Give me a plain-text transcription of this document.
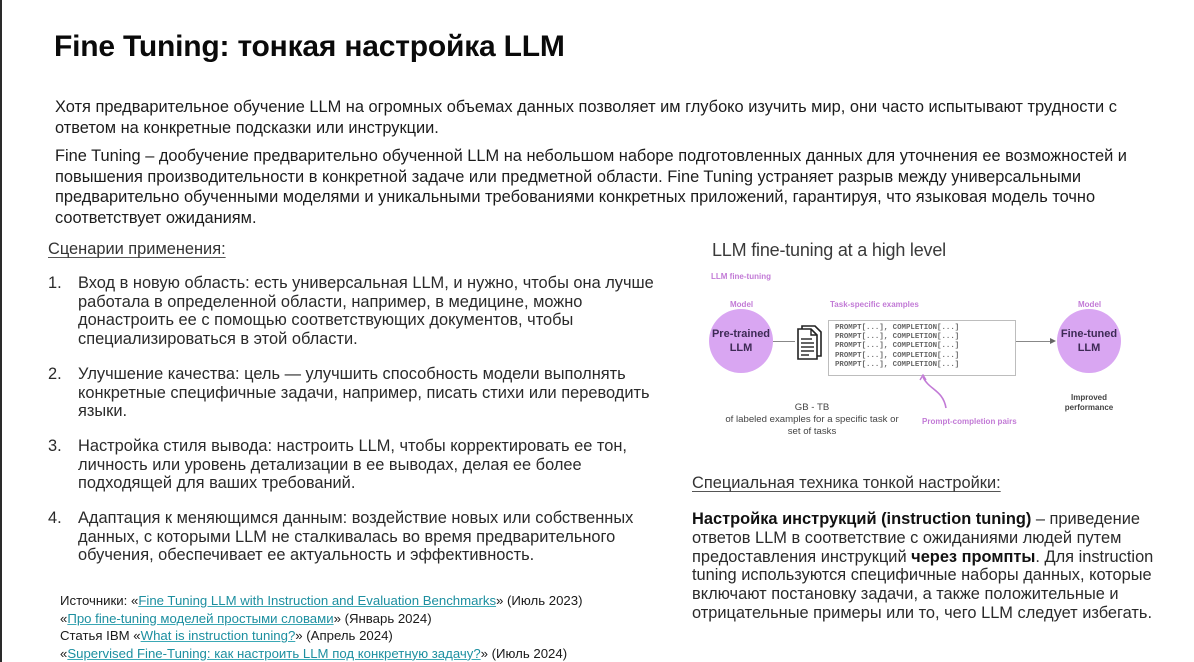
Fine Tuning: тонкая настройка LLM

Хотя предварительное обучение LLM на огромных объемах данных позволяет им глубоко изучить мир, они часто испытывают трудности с ответом на конкретные подсказки или инструкции.

Fine Tuning – дообучение предварительно обученной LLM на небольшом наборе подготовленных данных для уточнения ее возможностей и повышения производительности в конкретной задаче или предметной области. Fine Tuning устраняет разрыв между универсальными предварительно обученными моделями и уникальными требованиями конкретных приложений, гарантируя, что языковая модель точно соответствует ожиданиям.

Сценарии применения:
1. Вход в новую область: есть универсальная LLM, и нужно, чтобы она лучше работала в определенной области, например, в медицине, можно донастроить ее с помощью соответствующих документов, чтобы специализироваться в этой области.
2. Улучшение качества: цель — улучшить способность модели выполнять конкретные специфичные задачи, например, писать стихи или переводить языки.
3. Настройка стиля вывода: настроить LLM, чтобы корректировать ее тон, личность или уровень детализации в ее выводах, делая ее более подходящей для ваших требований.
4. Адаптация к меняющимся данным: воздействие новых или собственных данных, с которыми LLM не сталкивалась во время предварительного обучения, обеспечивает ее актуальность и эффективность.
Источники: «Fine Tuning LLM with Instruction and Evaluation Benchmarks» (Июль 2023)
«Про fine-tuning моделей простыми словами» (Январь 2024)
Статья IBM «What is instruction tuning?» (Апрель 2024)
«Supervised Fine-Tuning: как настроить LLM под конкретную задачу?» (Июль 2024)
LLM fine-tuning at a high level
LLM fine-tuning
Model	Task-specific examples	Model
Pre-trained LLM
PROMPT[...], COMPLETION[...]
PROMPT[...], COMPLETION[...]
PROMPT[...], COMPLETION[...]
PROMPT[...], COMPLETION[...]
PROMPT[...], COMPLETION[...]
Fine-tuned LLM
GB - TB
of labeled examples for a specific task or set of tasks
Prompt-completion pairs
Improved performance
Специальная техника тонкой настройки:
Настройка инструкций (instruction tuning) – приведение ответов LLM в соответствие с ожиданиями людей путем предоставления инструкций через промпты. Для instruction tuning используются специфичные наборы данных, которые включают постановку задачи, а также положительные и отрицательные примеры или то, чего LLM следует избегать.
